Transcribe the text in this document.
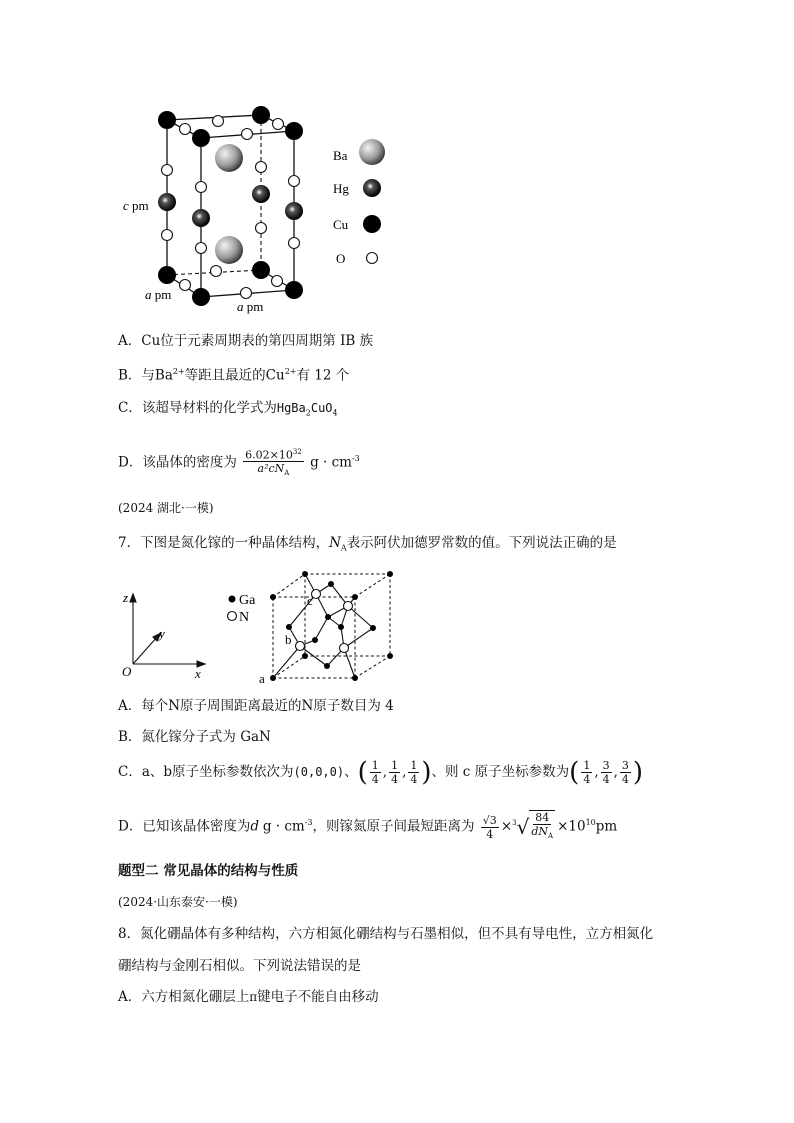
c pm
a pm
a pm
Ba
Hg
Cu
O
A．Cu位于元素周期表的第四周期第 IB 族
B．与$Ba^{2+}$等距且最近的$Cu^{2+}$有 12 个
C．该超导材料的化学式为HgBa$_2$CuO$_4$
D．该晶体的密度为 $\frac{6.02\times 10^{32}}{a^2cN_A}$ $g \cdot cm^{-3}$
(2024 湖北·一模)
7．下图是氮化镓的一种晶体结构，$N_A$表示阿伏加德罗常数的值。下列说法正确的是
z
y
x
O
Ga
N
a
b
c
A．每个N原子周围距离最近的N原子数目为 4
B．氮化镓分子式为 GaN
C．a、b原子坐标参数依次为(0,0,0)、( $\frac{1}{4}$ , $\frac{1}{4}$ , $\frac{1}{4}$ )、则 c 原子坐标参数为( $\frac{1}{4}$ , $\frac{3}{4}$ , $\frac{3}{4}$ )
D．已知该晶体密度为d $g \cdot cm^{-3}$，则镓氮原子间最短距离为 $\frac{√3}{4} \times^3√ \frac{84}{dN_A} \times 10^{10}pm$
题型二 常见晶体的结构与性质
(2024·山东泰安·一模)
8．氮化硼晶体有多种结构，六方相氮化硼结构与石墨相似，但不具有导电性，立方相氮化
硼结构与金刚石相似。下列说法错误的是
A．六方相氮化硼层上π键电子不能自由移动
